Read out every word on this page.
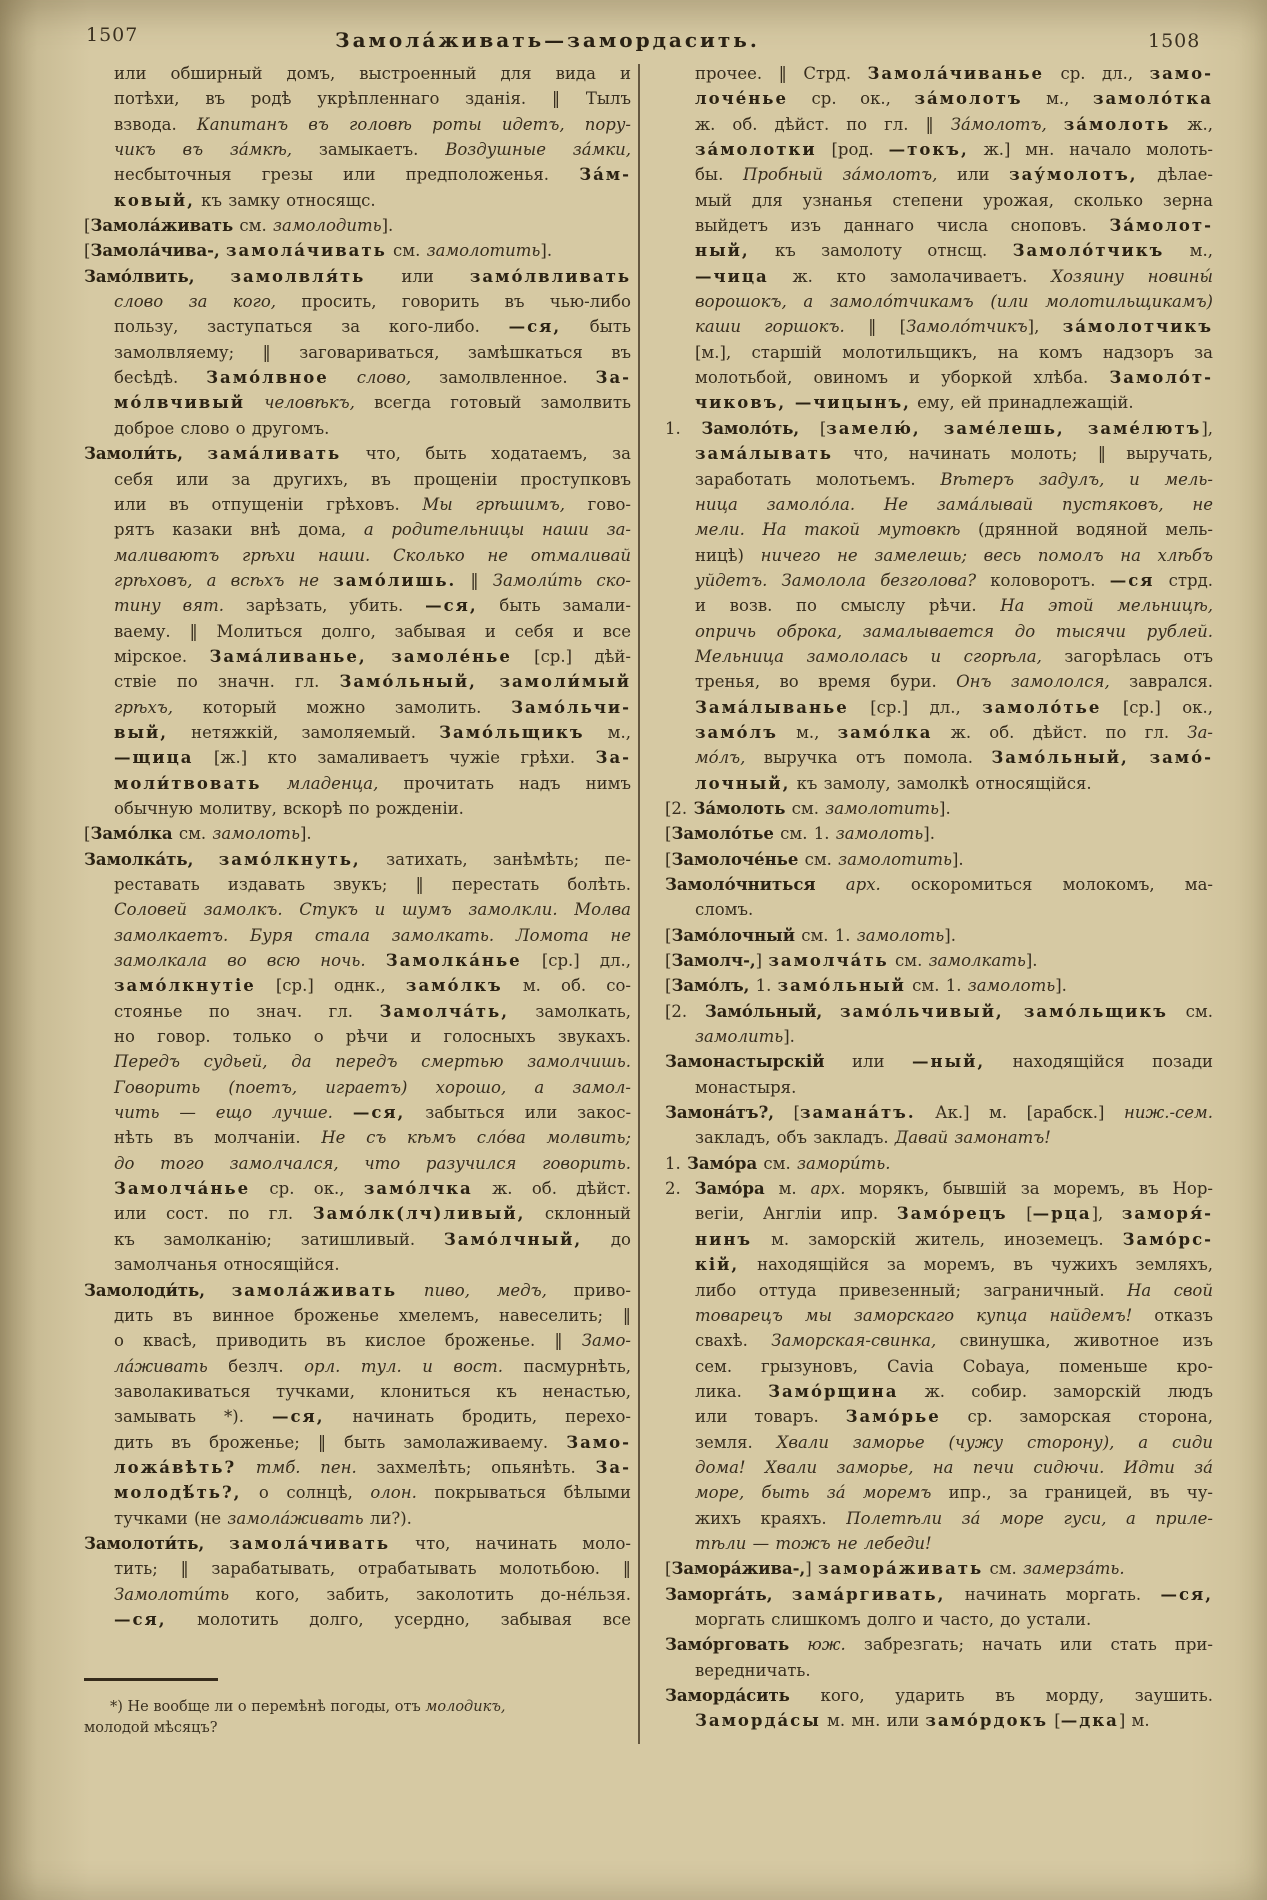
1507	Замола́живать—замордасить.	1508
или обширный домъ, выстроенный для вида и
потѣхи, въ родѣ укрѣпленнаго зданія. ‖ Тылъ
взвода. Капитанъ въ головѣ роты идетъ, пору-
чикъ въ за́мкѣ, замыкаетъ. Воздушные за́мки,
несбыточныя грезы или предположенья. За́м-
ковый, къ замку относящс.
[Замола́живать см. замолодить].
[Замола́чива-, замола́чивать см. замолотить].
Замо́лвить, замолвля́ть или замо́лвливать
слово за кого, просить, говорить въ чью-либо
пользу, заступаться за кого-либо. —ся, быть
замолвляему; ‖ заговариваться, замѣшкаться въ
бесѣдѣ. Замо́лвное слово, замолвленное. За-
мо́лвчивый человѣкъ, всегда готовый замолвить
доброе слово о другомъ.
Замоли́ть, зама́ливать что, быть ходатаемъ, за
себя или за другихъ, въ прощеніи проступковъ
или въ отпущеніи грѣховъ. Мы грѣшимъ, гово-
рятъ казаки внѣ дома, а родительницы наши за-
маливаютъ грѣхи наши. Сколько не отмаливай
грѣховъ, а всѣхъ не замо́лишь. ‖ Замоли́ть ско-
тину вят. зарѣзать, убить. —ся, быть замали-
ваему. ‖ Молиться долго, забывая и себя и все
мірское. Зама́ливанье, замоле́нье [ср.] дѣй-
ствіе по значн. гл. Замо́льный, замоли́мый
грѣхъ, который можно замолить. Замо́льчи-
вый, нетяжкій, замоляемый. Замо́льщикъ м.,
—щица [ж.] кто замаливаетъ чужіе грѣхи. За-
моли́твовать младенца, прочитать надъ нимъ
обычную молитву, вскорѣ по рожденіи.
[Замо́лка см. замолоть].
Замолка́ть, замо́лкнуть, затихать, занѣмѣть; пе-
реставать издавать звукъ; ‖ перестать болѣть.
Соловей замолкъ. Стукъ и шумъ замолкли. Молва
замолкаетъ. Буря стала замолкать. Ломота не
замолкала во всю ночь. Замолка́нье [ср.] дл.,
замо́лкнутіе [ср.] однк., замо́лкъ м. об. со-
стоянье по знач. гл. Замолча́ть, замолкать,
но говор. только о рѣчи и голосныхъ звукахъ.
Передъ судьей, да передъ смертью замолчишь.
Говорить (поетъ, играетъ) хорошо, а замол-
чить — ещо лучше. —ся, забыться или закос-
нѣть въ молчаніи. Не съ кѣмъ сло́ва молвить;
до того замолчался, что разучился говорить.
Замолча́нье ср. ок., замо́лчка ж. об. дѣйст.
или сост. по гл. Замо́лк(лч)ливый, склонный
къ замолканію; затишливый. Замо́лчный, до
замолчанья относящійся.
Замолоди́ть, замола́живать пиво, медъ, приво-
дить въ винное броженье хмелемъ, навеселить; ‖
о квасѣ, приводить въ кислое броженье. ‖ Замо-
ла́живать безлч. орл. тул. и вост. пасмурнѣть,
заволакиваться тучками, клониться къ ненастью,
замывать *). —ся, начинать бродить, перехо-
дить въ броженье; ‖ быть замолаживаему. Замо-
ложа́вѣть? тмб. пен. захмелѣть; опьянѣть. За-
молодѣ́ть?, о солнцѣ, олон. покрываться бѣлыми
тучками (не замола́живать ли?).
Замолоти́ть, замола́чивать что, начинать моло-
тить; ‖ зарабатывать, отрабатывать молотьбою. ‖
Замолоти́ть кого, забить, заколотить до-не́льзя.
—ся, молотить долго, усердно, забывая все
прочее. ‖ Стрд. Замола́чиванье ср. дл., замо-
лоче́нье ср. ок., за́молотъ м., замоло́тка
ж. об. дѣйст. по гл. ‖ За́молотъ, за́молоть ж.,
за́молотки [род. —токъ, ж.] мн. начало молоть-
бы. Пробный за́молотъ, или зау́молотъ, дѣлае-
мый для узнанья степени урожая, сколько зерна
выйдетъ изъ даннаго числа сноповъ. За́молот-
ный, къ замолоту отнсщ. Замоло́тчикъ м.,
—чица ж. кто замолачиваетъ. Хозяину новины́
ворошокъ, а замоло́тчикамъ (или молотильщикамъ)
каши горшокъ. ‖ [Замоло́тчикъ], за́молотчикъ
[м.], старшій молотильщикъ, на комъ надзоръ за
молотьбой, овиномъ и уборкой хлѣба. Замоло́т-
чиковъ, —чицынъ, ему, ей принадлежащій.
1. Замоло́ть, [замелю́, заме́лешь, заме́лютъ],
зама́лывать что, начинать молоть; ‖ выручать,
заработать молотьемъ. Вѣтеръ задулъ, и мель-
ница замоло́ла. Не зама́лывай пустяковъ, не
мели. На такой мутовкѣ (дрянной водяной мель-
ницѣ) ничего не замелешь; весь помолъ на хлѣбъ
уйдетъ. Замолола безголова? коловоротъ. —ся стрд.
и возв. по смыслу рѣчи. На этой мельницѣ,
опричь оброка, замалывается до тысячи рублей.
Мельница замололась и сгорѣла, загорѣлась отъ
тренья, во время бури. Онъ замололся, заврался.
Зама́лыванье [ср.] дл., замоло́тье [ср.] ок.,
замо́лъ м., замо́лка ж. об. дѣйст. по гл. За-
мо́лъ, выручка отъ помола. Замо́льный, замо́-
лочный, къ замолу, замолкѣ относящійся.
[2. За́молоть см. замолотить].
[Замоло́тье см. 1. замолоть].
[Замолоче́нье см. замолотить].
Замоло́чниться арх. оскоромиться молокомъ, ма-
сломъ.
[Замо́лочный см. 1. замолоть].
[Замолч-,] замолча́ть см. замолкать].
[Замо́лъ, 1. замо́льный см. 1. замолоть].
[2. Замо́льный, замо́льчивый, замо́льщикъ см.
замолить].
Замонастырскій или —ный, находящійся позади
монастыря.
Замона́тъ?, [замана́тъ. Ак.] м. [арабск.] ниж.-сем.
закладъ, объ закладъ. Давай замонатъ!
1. Замо́ра см. замори́ть.
2. Замо́ра м. арх. морякъ, бывшій за моремъ, въ Нор-
вегіи, Англіи ипр. Замо́рецъ [—рца], заморя́-
нинъ м. заморскій житель, иноземецъ. Замо́рс-
кій, находящійся за моремъ, въ чужихъ земляхъ,
либо оттуда привезенный; заграничный. На свой
товарецъ мы заморскаго купца найдемъ! отказъ
свахѣ. Заморская-свинка, свинушка, животное изъ
сем. грызуновъ, Cavia Cobaya, поменьше кро-
лика. Замо́рщина ж. собир. заморскій людъ
или товаръ. Замо́рье ср. заморская сторона,
земля. Хвали заморье (чужу сторону), а сиди
дома! Хвали заморье, на печи сидючи. Идти за́
море, быть за́ моремъ ипр., за границей, въ чу-
жихъ краяхъ. Полетѣли за́ море гуси, а приле-
тѣли — тожъ не лебеди!
[Замора́жива-,] замора́живать см. замерза́ть.
Заморга́ть, зама́ргивать, начинать моргать. —ся,
моргать слишкомъ долго и часто, до устали.
Замо́рговать юж. забрезгать; начать или стать при-
вередничать.
Заморда́сить кого, ударить въ морду, заушить.
Заморда́сы м. мн. или замо́рдокъ [—дка] м.
*) Не вообще ли о перемѣнѣ погоды, отъ молодикъ,
молодой мѣсяцъ?
